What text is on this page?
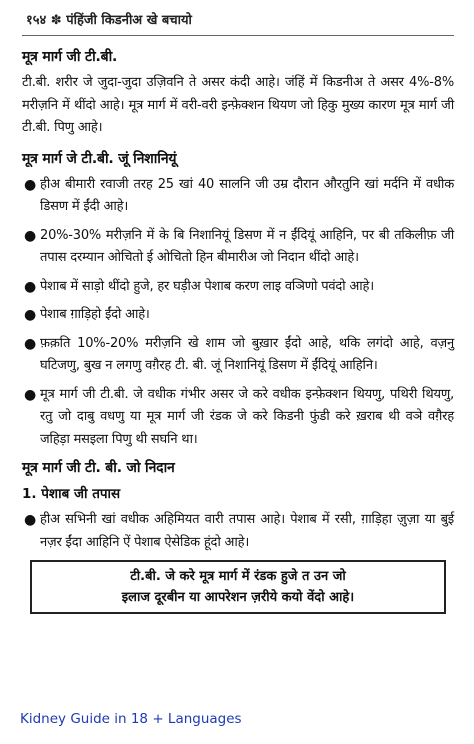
१५४ ✽ पंहिंजी किडनीअ खे बचायो
मूत्र मार्ग जी टी.बी.

टी.बी. शरीर जे जुदा-जुदा उज़िवनि ते असर कंदी आहे। जंहिं में किडनीअ ते असर 4%-8% मरीज़नि में थींदो आहे। मूत्र मार्ग में वरी-वरी इन्फ़ेक्शन थियण जो हिकु मुख्य कारण मूत्र मार्ग जी टी.बी. पिणु आहे।

मूत्र मार्ग जे टी.बी. जूं निशानियूं
● हीअ बीमारी रवाजी तरह 25 खां 40 सालनि जी उम्र दौरान औरतुनि खां मर्दनि में वधीक डिसण में ईंदी आहे।
● 20%-30% मरीज़नि में के बि निशानियूं डिसण में न ईंदियूं आहिनि, पर बी तकिलीफ़ जी तपास दरम्यान ओचितो ई ओचितो हिन बीमारीअ जो निदान थींदो आहे।
● पेशाब में साड़ो थींदो हुजे, हर घड़ीअ पेशाब करण लाइ वञिणो पवंदो आहे।
● पेशाब ग़ाड़िहो ईंदो आहे।
● फ़क़ति 10%-20% मरीज़नि खे शाम जो बुख़ार ईंदो आहे, थकि लगंदो आहे, वज़नु घटिजणु, बुख न लगणु वग़ैरह टी. बी. जूं निशानियूं डिसण में ईंदियूं आहिनि।
● मूत्र मार्ग जी टी.बी. जे वधीक गंभीर असर जे करे वधीक इन्फ़ेक्शन थियणु, पथिरी थियणु, रतु जो दाबु वधणु या मूत्र मार्ग जी रंडक जे करे किडनी फुंडी करे ख़राब थी वञे वग़ैरह जहिड़ा मसइला पिणु थी सघनि था।
मूत्र मार्ग जी टी. बी. जो निदान
1. पेशाब जी तपास
● हीअ सभिनी खां वधीक अहिमियत वारी तपास आहे। पेशाब में रसी, ग़ाड़िहा ज़ुज़ा या बुई नज़र ईंदा आहिनि ऐं पेशाब ऐसेडिक हूंदो आहे।
टी.बी. जे करे मूत्र मार्ग में रंडक हुजे त उन जो
इलाज दूरबीन या आपरेशन ज़रीये कयो वेंदो आहे।
Kidney Guide in 18 + Languages
